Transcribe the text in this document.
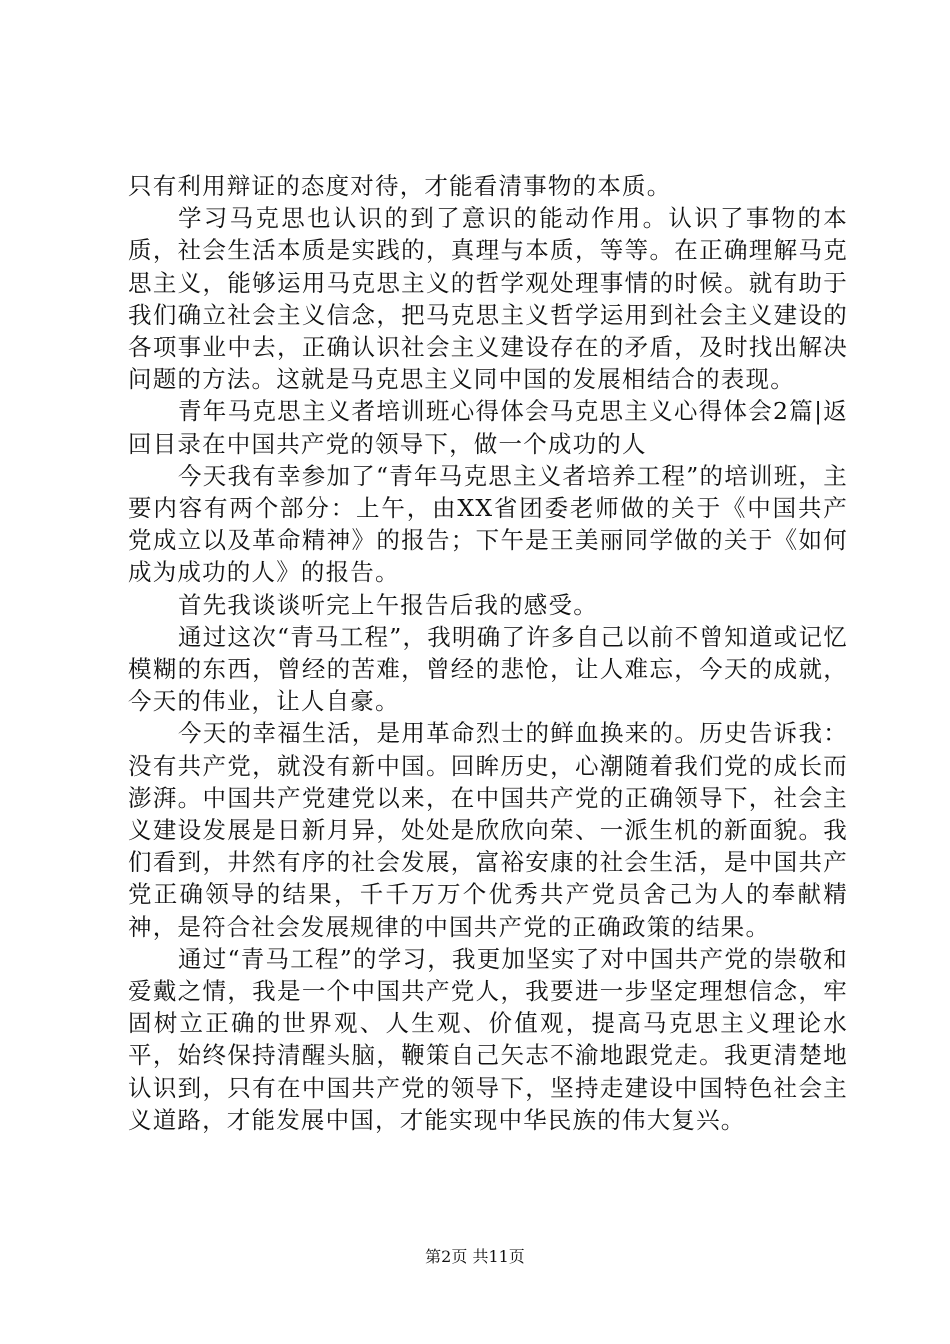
只有利用辩证的态度对待，才能看清事物的本质。

学习马克思也认识的到了意识的能动作用。认识了事物的本质，社会生活本质是实践的，真理与本质，等等。在正确理解马克思主义，能够运用马克思主义的哲学观处理事情的时候。就有助于我们确立社会主义信念，把马克思主义哲学运用到社会主义建设的各项事业中去，正确认识社会主义建设存在的矛盾，及时找出解决问题的方法。这就是马克思主义同中国的发展相结合的表现。

青年马克思主义者培训班心得体会马克思主义心得体会2篇|返回目录在中国共产党的领导下，做一个成功的人

今天我有幸参加了“青年马克思主义者培养工程”的培训班，主要内容有两个部分：上午，由XX省团委老师做的关于《中国共产党成立以及革命精神》的报告；下午是王美丽同学做的关于《如何成为成功的人》的报告。

首先我谈谈听完上午报告后我的感受。

通过这次“青马工程”，我明确了许多自己以前不曾知道或记忆模糊的东西，曾经的苦难，曾经的悲怆，让人难忘，今天的成就，今天的伟业，让人自豪。

今天的幸福生活，是用革命烈士的鲜血换来的。历史告诉我：没有共产党，就没有新中国。回眸历史，心潮随着我们党的成长而澎湃。中国共产党建党以来，在中国共产党的正确领导下，社会主义建设发展是日新月异，处处是欣欣向荣、一派生机的新面貌。我们看到，井然有序的社会发展，富裕安康的社会生活，是中国共产党正确领导的结果，千千万万个优秀共产党员舍己为人的奉献精神，是符合社会发展规律的中国共产党的正确政策的结果。

通过“青马工程”的学习，我更加坚实了对中国共产党的崇敬和爱戴之情，我是一个中国共产党人，我要进一步坚定理想信念，牢固树立正确的世界观、人生观、价值观，提高马克思主义理论水平，始终保持清醒头脑，鞭策自己矢志不渝地跟党走。我更清楚地认识到，只有在中国共产党的领导下，坚持走建设中国特色社会主义道路，才能发展中国，才能实现中华民族的伟大复兴。

第2页 共11页
